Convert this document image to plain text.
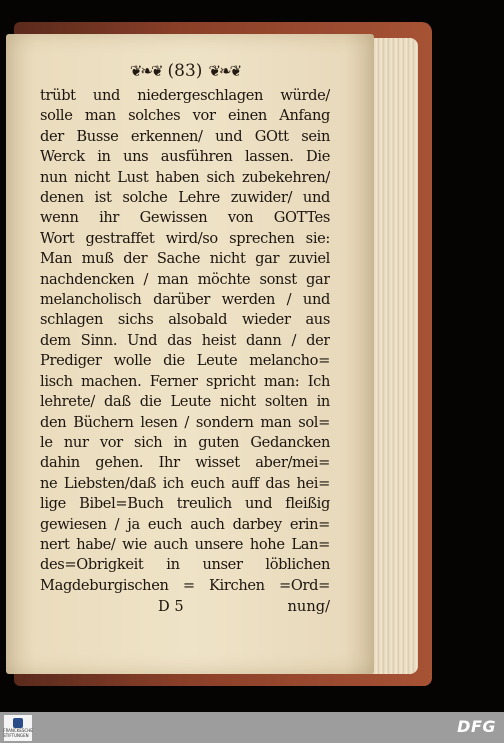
❦❧❦ (83) ❦❧❦
trübt und niedergeschlagen würde/
solle man solches vor einen Anfang
der Busse erkennen/ und GOtt sein
Werck in uns ausführen lassen. Die
nun nicht Lust haben sich zubekehren/
denen ist solche Lehre zuwider/ und
wenn ihr Gewissen von GOTTes
Wort gestraffet wird/so sprechen sie:
Man muß der Sache nicht gar zuviel
nachdencken / man möchte sonst gar
melancholisch darüber werden / und
schlagen sichs alsobald wieder aus
dem Sinn. Und das heist dann / der
Prediger wolle die Leute melancho=
lisch machen. Ferner spricht man: Ich
lehrete/ daß die Leute nicht solten in
den Büchern lesen / sondern man sol=
le nur vor sich in guten Gedancken
dahin gehen. Ihr wisset aber/mei=
ne Liebsten/daß ich euch auff das hei=
lige Bibel=Buch treulich und fleißig
gewiesen / ja euch auch darbey erin=
nert habe/ wie auch unsere hohe Lan=
des=Obrigkeit in unser löblichen
Magdeburgischen = Kirchen =Ord=
D 5	nung/
FRANCKESCHE STIFTUNGEN	DFG
